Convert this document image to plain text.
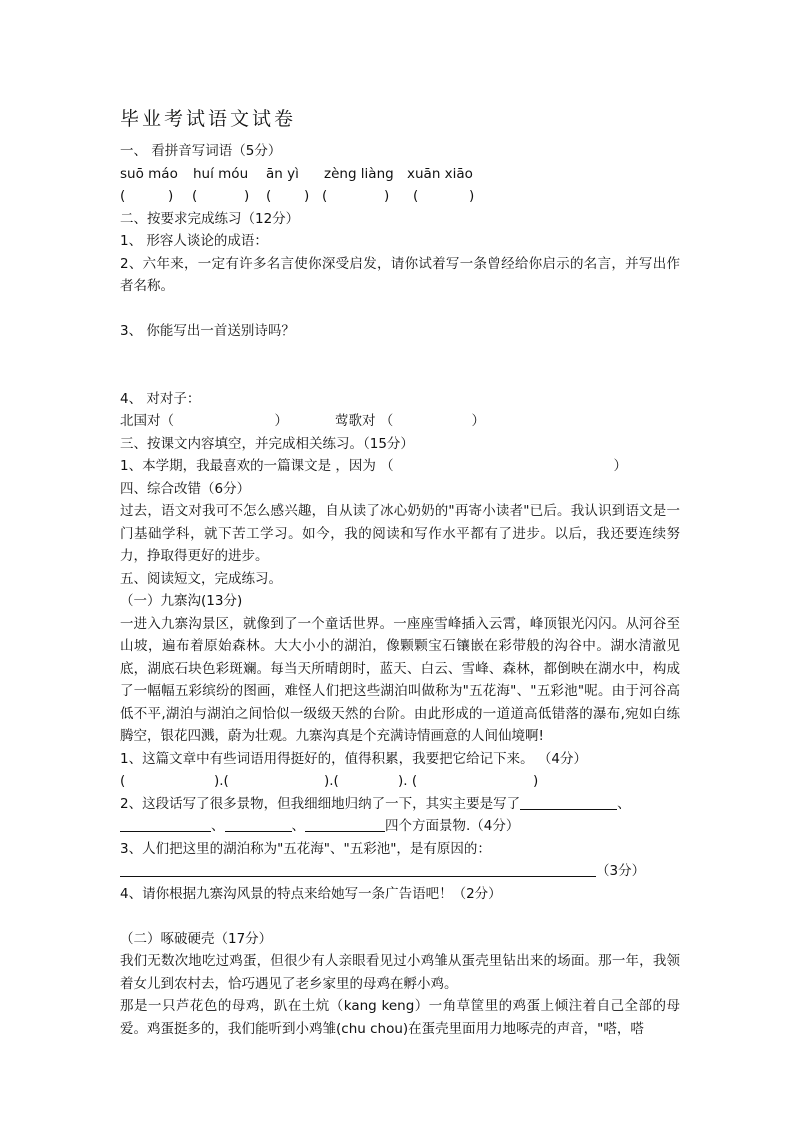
毕业考试语文试卷
一、 看拼音写词语（5分）
suō máo huí móu ān yì zèng liàng xuān xiāo
(	) (	) ( ) (	) (	)
二、按要求完成练习（12分）
1、 形容人谈论的成语：
2、六年来，一定有许多名言使你深受启发，请你试着写一条曾经给你启示的名言，并写出作者名称。
3、 你能写出一首送别诗吗？
4、 对对子：
北国对（	）	莺歌对 （	）
三、按课文内容填空，并完成相关练习。（15分）
1、本学期，我最喜欢的一篇课文是 ，因为 （	）
四、综合改错（6分）
过去，语文对我可不怎么感兴趣，自从读了冰心奶奶的"再寄小读者"已后。我认识到语文是一门基础学科，就下苦工学习。如今，我的阅读和写作水平都有了进步。以后，我还要连续努力，挣取得更好的进步。
五、阅读短文，完成练习。
（一）九寨沟(13分)
一进入九寨沟景区，就像到了一个童话世界。一座座雪峰插入云霄，峰顶银光闪闪。从河谷至山坡，遍布着原始森林。大大小小的湖泊，像颗颗宝石镶嵌在彩带般的沟谷中。湖水清澈见底，湖底石块色彩斑斓。每当天所晴朗时，蓝天、白云、雪峰、森林，都倒映在湖水中，构成了一幅幅五彩缤纷的图画，难怪人们把这些湖泊叫做称为"五花海"、"五彩池"呢。由于河谷高低不平,湖泊与湖泊之间恰似一级级天然的台阶。由此形成的一道道高低错落的瀑布,宛如白练腾空，银花四溅，蔚为壮观。九寨沟真是个充满诗情画意的人间仙境啊!
1、这篇文章中有些词语用得挺好的，值得积累，我要把它给记下来。 （4分）
(	).(	).(	). (	)
2、这段话写了很多景物，但我细细地归纳了一下，其实主要是写了	、
、	、	四个方面景物.（4分）
3、人们把这里的湖泊称为"五花海"、"五彩池"，是有原因的：
（3分）
4、请你根据九寨沟风景的特点来给她写一条广告语吧！（2分）
（二）啄破硬壳（17分）
我们无数次地吃过鸡蛋，但很少有人亲眼看见过小鸡雏从蛋壳里钻出来的场面。那一年，我领着女儿到农村去，恰巧遇见了老乡家里的母鸡在孵小鸡。
那是一只芦花色的母鸡，趴在土炕（kang keng）一角草筐里的鸡蛋上倾注着自己全部的母爱。鸡蛋挺多的，我们能听到小鸡雏(chu chou)在蛋壳里面用力地啄壳的声音，"嗒，嗒
